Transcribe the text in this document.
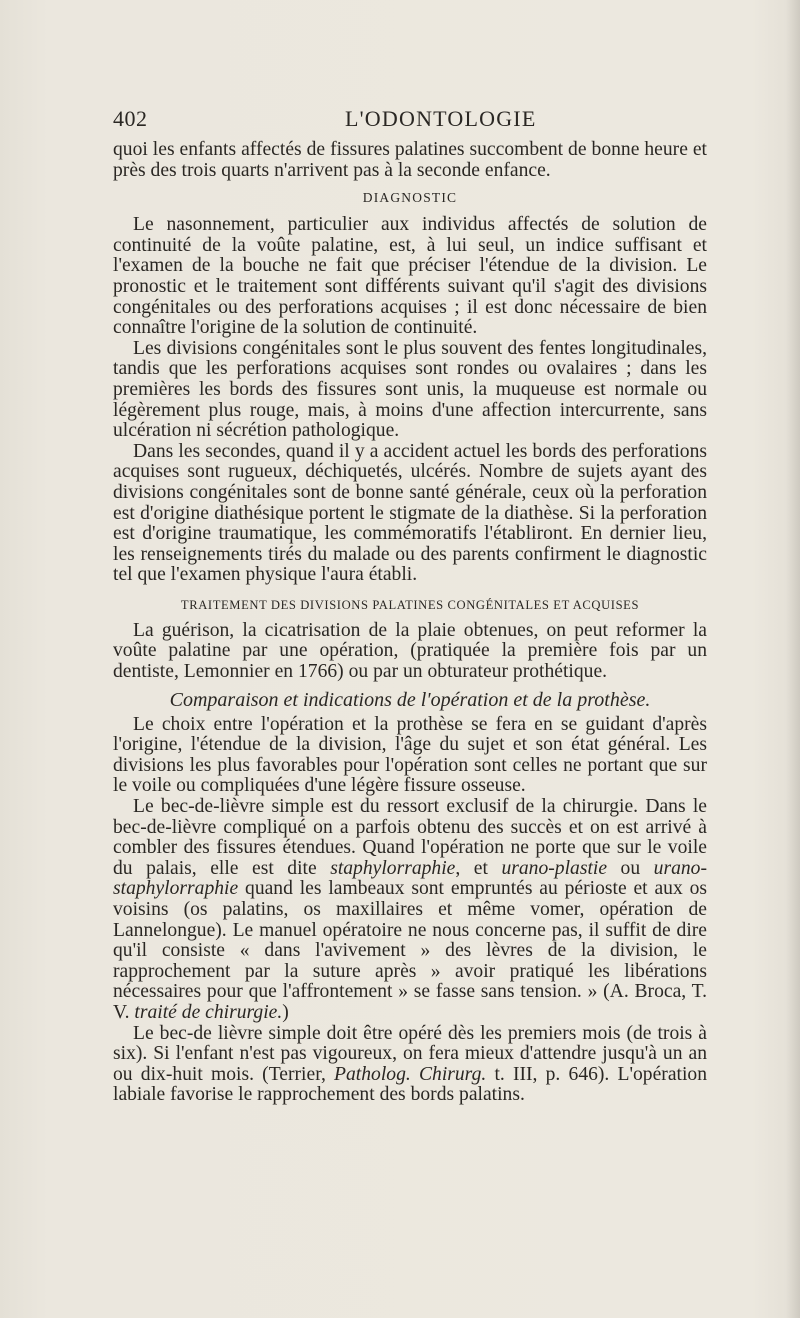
402	L'ODONTOLOGIE

quoi les enfants affectés de fissures palatines succombent de bonne heure et près des trois quarts n'arrivent pas à la seconde enfance.

DIAGNOSTIC

Le nasonnement, particulier aux individus affectés de solution de continuité de la voûte palatine, est, à lui seul, un indice suffisant et l'examen de la bouche ne fait que préciser l'étendue de la division. Le pronostic et le traitement sont différents suivant qu'il s'agit des divisions congénitales ou des perforations acquises ; il est donc nécessaire de bien connaître l'origine de la solution de continuité.

Les divisions congénitales sont le plus souvent des fentes longitudinales, tandis que les perforations acquises sont rondes ou ovalaires ; dans les premières les bords des fissures sont unis, la muqueuse est normale ou légèrement plus rouge, mais, à moins d'une affection intercurrente, sans ulcération ni sécrétion pathologique.

Dans les secondes, quand il y a accident actuel les bords des perforations acquises sont rugueux, déchiquetés, ulcérés. Nombre de sujets ayant des divisions congénitales sont de bonne santé générale, ceux où la perforation est d'origine diathésique portent le stigmate de la diathèse. Si la perforation est d'origine traumatique, les commémoratifs l'établiront. En dernier lieu, les renseignements tirés du malade ou des parents confirment le diagnostic tel que l'examen physique l'aura établi.

TRAITEMENT DES DIVISIONS PALATINES CONGÉNITALES ET ACQUISES

La guérison, la cicatrisation de la plaie obtenues, on peut reformer la voûte palatine par une opération, (pratiquée la première fois par un dentiste, Lemonnier en 1766) ou par un obturateur prothétique.

Comparaison et indications de l'opération et de la prothèse.

Le choix entre l'opération et la prothèse se fera en se guidant d'après l'origine, l'étendue de la division, l'âge du sujet et son état général. Les divisions les plus favorables pour l'opération sont celles ne portant que sur le voile ou compliquées d'une légère fissure osseuse.

Le bec-de-lièvre simple est du ressort exclusif de la chirurgie. Dans le bec-de-lièvre compliqué on a parfois obtenu des succès et on est arrivé à combler des fissures étendues. Quand l'opération ne porte que sur le voile du palais, elle est dite staphylorraphie, et urano-plastie ou urano-staphylorraphie quand les lambeaux sont empruntés au périoste et aux os voisins (os palatins, os maxillaires et même vomer, opération de Lannelongue). Le manuel opératoire ne nous concerne pas, il suffit de dire qu'il consiste « dans l'avivement » des lèvres de la division, le rapprochement par la suture après » avoir pratiqué les libérations nécessaires pour que l'affrontement » se fasse sans tension. » (A. Broca, T. V. traité de chirurgie.)

Le bec-de lièvre simple doit être opéré dès les premiers mois (de trois à six). Si l'enfant n'est pas vigoureux, on fera mieux d'attendre jusqu'à un an ou dix-huit mois. (Terrier, Patholog. Chirurg. t. III, p. 646). L'opération labiale favorise le rapprochement des bords palatins.
